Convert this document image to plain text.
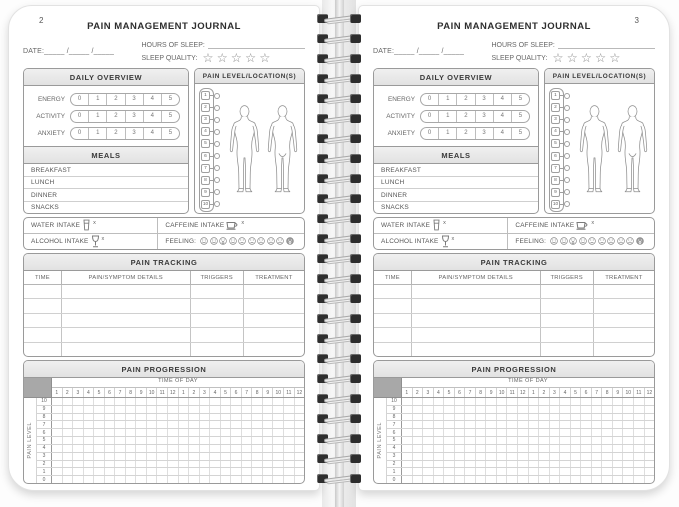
2
PAIN MANAGEMENT JOURNAL
DATE:_____ /_____ /_____
HOURS OF SLEEP:
SLEEP QUALITY: ☆☆☆☆☆
DAILY OVERVIEW
ENERGY	0	1	2	3	4	5
ACTIVITY	0	1	2	3	4	5
ANXIETY	0	1	2	3	4	5
MEALS
BREAKFAST
LUNCH
DINNER
SNACKS
PAIN LEVEL/LOCATION(S)
1
2
3
4
5
6
7
8
9
10
WATER INTAKE x	CAFFEINE INTAKE	x
ALCOHOL INTAKE x	FEELING:
PAIN TRACKING
TIME	PAIN/SYMPTOM DETAILS	TRIGGERS	TREATMENT
PAIN PROGRESSION
TIME OF DAY
1	2	3	4	5	6	7	8	9	10	11	12	1	2	3	4	5	6	7	8	9	10	11	12
PAIN LEVEL
10
9
8
7
6
5
4
3
2
1
0
3
PAIN MANAGEMENT JOURNAL
DATE:_____ /_____ /_____
HOURS OF SLEEP:
SLEEP QUALITY: ☆☆☆☆☆
DAILY OVERVIEW
ENERGY	0	1	2	3	4	5
ACTIVITY	0	1	2	3	4	5
ANXIETY	0	1	2	3	4	5
MEALS
BREAKFAST
LUNCH
DINNER
SNACKS
PAIN LEVEL/LOCATION(S)
1
2
3
4
5
6
7
8
9
10
WATER INTAKE x	CAFFEINE INTAKE	x
ALCOHOL INTAKE x	FEELING:
PAIN TRACKING
TIME	PAIN/SYMPTOM DETAILS	TRIGGERS	TREATMENT
PAIN PROGRESSION
TIME OF DAY
1	2	3	4	5	6	7	8	9	10	11	12	1	2	3	4	5	6	7	8	9	10	11	12
PAIN LEVEL
10
9
8
7
6
5
4
3
2
1
0
